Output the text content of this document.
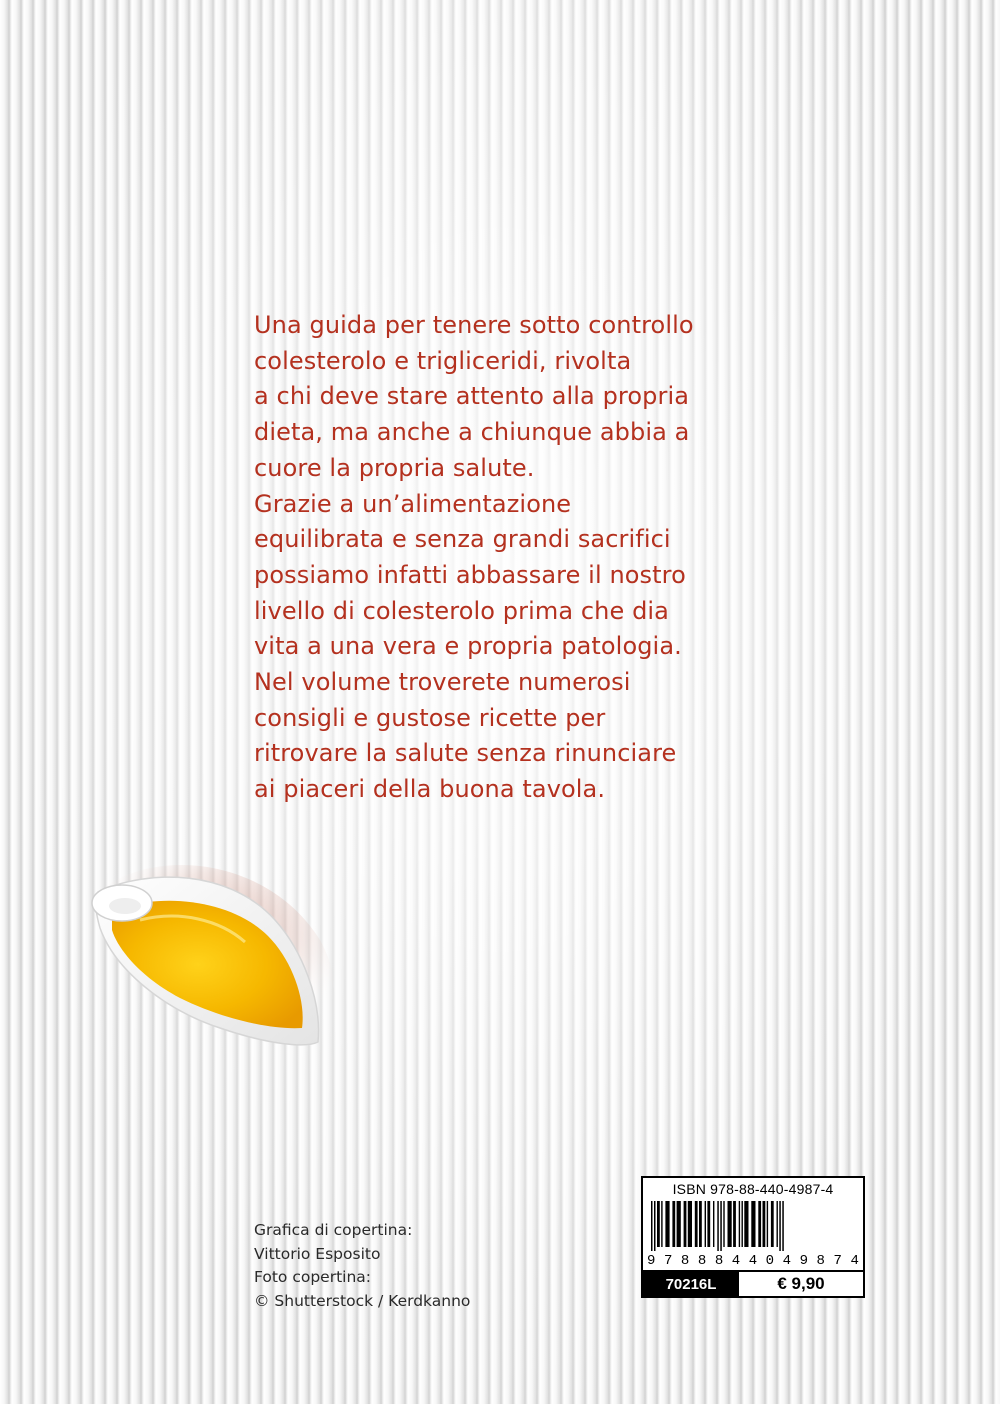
Una guida per tenere sotto controllo
colesterolo e trigliceridi, rivolta
a chi deve stare attento alla propria
dieta, ma anche a chiunque abbia a
cuore la propria salute.
Grazie a un’alimentazione
equilibrata e senza grandi sacrifici
possiamo infatti abbassare il nostro
livello di colesterolo prima che dia
vita a una vera e propria patologia.
Nel volume troverete numerosi
consigli e gustose ricette per
ritrovare la salute senza rinunciare
ai piaceri della buona tavola.
Grafica di copertina:
Vittorio Esposito
Foto copertina:
© Shutterstock / Kerdkanno
ISBN 978-88-440-4987-4
9 7 8 8 8 4 4 0 4 9 8 7 4
70216L	€ 9,90
